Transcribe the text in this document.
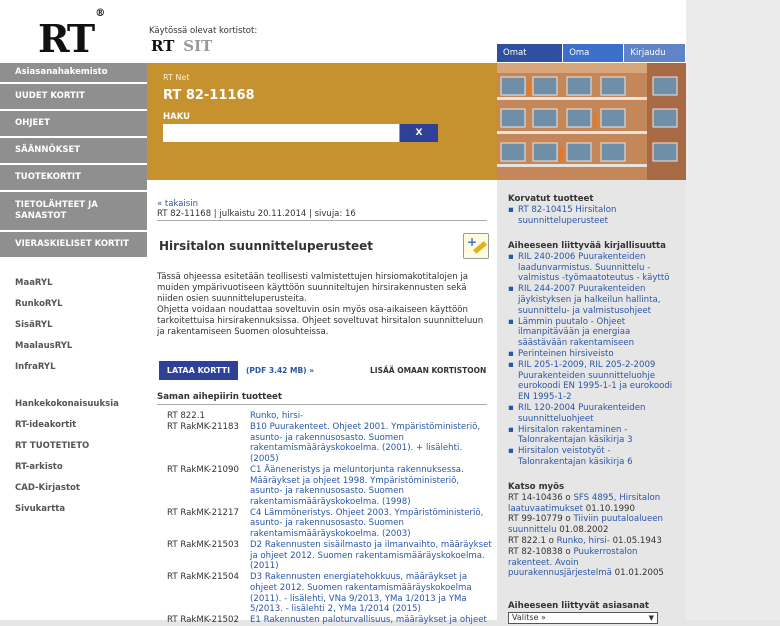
RT®
Käytössä olevat kortistot:
RT SIT	Omat	Oma	Kirjaudu
Asiasanahakemisto
UUDET KORTIT
OHJEET
SÄÄNNÖKSET
TUOTEKORTIT
TIETOLÄHTEET JA SANASTOT
VIERASKIELISET KORTIT
MaaRYL
RunkoRYL
SisäRYL
MaalausRYL
InfraRYL
Hankekokonaisuuksia
RT-ideakortit
RT TUOTETIETO
RT-arkisto
CAD-Kirjastot
Sivukartta
RT Net
RT 82-11168
HAKU
X
« takaisin
RT 82-11168 | julkaistu 20.11.2014 | sivuja: 16
Hirsitalon suunnitteluperusteet	+

Tässä ohjeessa esitetään teollisesti valmistettujen hirsiomakotitalojen ja muiden ympärivuotiseen käyttöön suunniteltujen hirsirakennusten sekä niiden osien suunnitteluperusteita.

Ohjetta voidaan noudattaa soveltuvin osin myös osa-aikaiseen käyttöön tarkoitettuisa hirsirakennuksissa. Ohjeet soveltuvat hirsitalon suunnitteluun ja rakentamiseen Suomen olosuhteissa.

LATAA KORTTI	(PDF 3.42 MB) »	LISÄÄ OMAAN KORTISTOON
Saman aihepiirin tuotteet
RT 822.1	Runko, hirsi-
RT RakMK-21183	B10 Puurakenteet. Ohjeet 2001. Ympäristöministeriö, asunto- ja rakennusosasto. Suomen rakentamismääräyskokoelma. (2001). + lisälehti. (2005)
RT RakMK-21090	C1 Ääneneristys ja meluntorjunta rakennuksessa. Määräykset ja ohjeet 1998. Ympäristöministeriö, asunto- ja rakennusosasto. Suomen rakentamismääräyskokoelma. (1998)
RT RakMK-21217	C4 Lämmöneristys. Ohjeet 2003. Ympäristöministeriö, asunto- ja rakennusosasto. Suomen rakentamismääräyskokoelma. (2003)
RT RakMK-21503	D2 Rakennusten sisäilmasto ja ilmanvaihto, määräykset ja ohjeet 2012. Suomen rakentamismääräyskokoelma. (2011)
RT RakMK-21504	D3 Rakennusten energiatehokkuus, määräykset ja ohjeet 2012. Suomen rakentamismääräyskokoelma (2011). - lisälehti, VNa 9/2013, YMa 1/2013 ja YMa 5/2013. - lisälehti 2, YMa 1/2014 (2015)
RT RakMK-21502	E1 Rakennusten paloturvallisuus, määräykset ja ohjeet
Korvatut tuotteet
▪ RT 82-10415 Hirsitalon suunnitteluperusteet
Aiheeseen liittyvää kirjallisuutta
▪ RIL 240-2006 Puurakenteiden laadunvarmistus. Suunnittelu - valmistus -työmaatoteutus - käyttö
▪ RIL 244-2007 Puurakenteiden jäykistyksen ja halkeilun hallinta, suunnittelu- ja valmistusohjeet
▪ Lämmin puutalo - Ohjeet ilmanpitävään ja energiaa säästävään rakentamiseen
▪ Perinteinen hirsiveisto
▪ RIL 205-1-2009, RIL 205-2-2009 Puurakenteiden suunnitteluohje eurokoodi EN 1995-1-1 ja eurokoodi EN 1995-1-2
▪ RIL 120-2004 Puurakenteiden suunnitteluohjeet
▪ Hirsitalon rakentaminen - Talonrakentajan käsikirja 3
▪ Hirsitalon veistotyöt - Talonrakentajan käsikirja 6
Katso myös
RT 14-10436 o SFS 4895, Hirsitalon laatuvaatimukset 01.10.1990
RT 99-10779 o Tiiviin puutaloalueen suunnittelu 01.08.2002
RT 822.1 o Runko, hirsi- 01.05.1943
RT 82-10838 o Puukerrostalon rakenteet. Avoin puurakennusjärjestelmä 01.01.2005
Aiheeseen liittyvät asiasanat
Valitse »	▼
